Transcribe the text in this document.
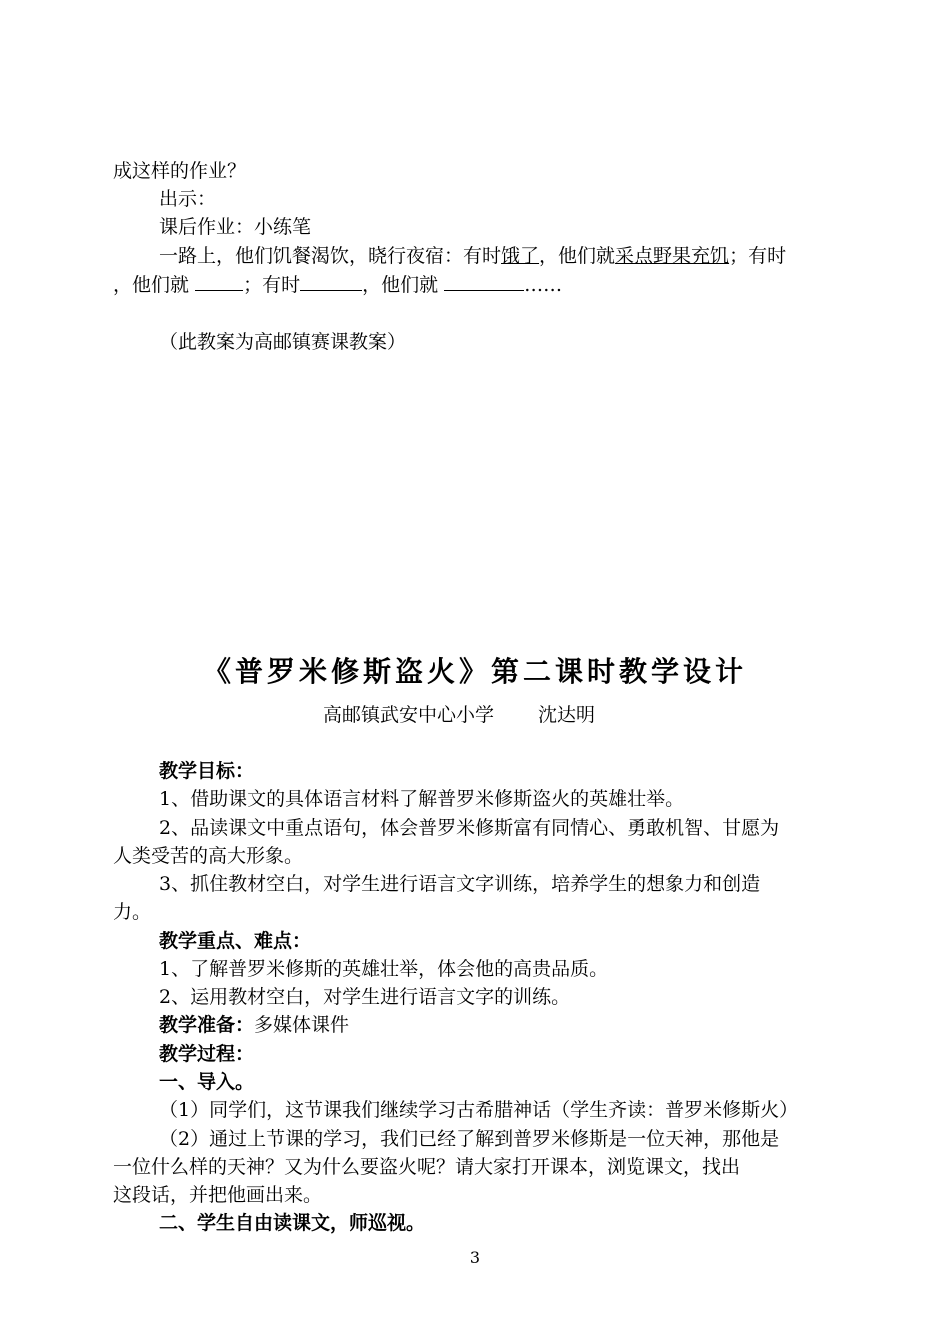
成这样的作业？
出示：
课后作业：小练笔
一路上，他们饥餐渴饮，晓行夜宿：有时饿了，他们就采点野果充饥；有时
，他们就	；有时	，他们就	……
（此教案为高邮镇赛课教案）
《普罗米修斯盗火》第二课时教学设计
高邮镇武安中心小学 沈达明
教学目标：
1、借助课文的具体语言材料了解普罗米修斯盗火的英雄壮举。
2、品读课文中重点语句，体会普罗米修斯富有同情心、勇敢机智、甘愿为
人类受苦的高大形象。
3、抓住教材空白，对学生进行语言文字训练，培养学生的想象力和创造
力。
教学重点、难点：
1、了解普罗米修斯的英雄壮举，体会他的高贵品质。
2、运用教材空白，对学生进行语言文字的训练。
教学准备：多媒体课件
教学过程：
一、导入。
（1）同学们，这节课我们继续学习古希腊神话（学生齐读：普罗米修斯火）
（2）通过上节课的学习，我们已经了解到普罗米修斯是一位天神，那他是
一位什么样的天神？又为什么要盗火呢？请大家打开课本，浏览课文，找出
这段话，并把他画出来。
二、学生自由读课文，师巡视。
3
